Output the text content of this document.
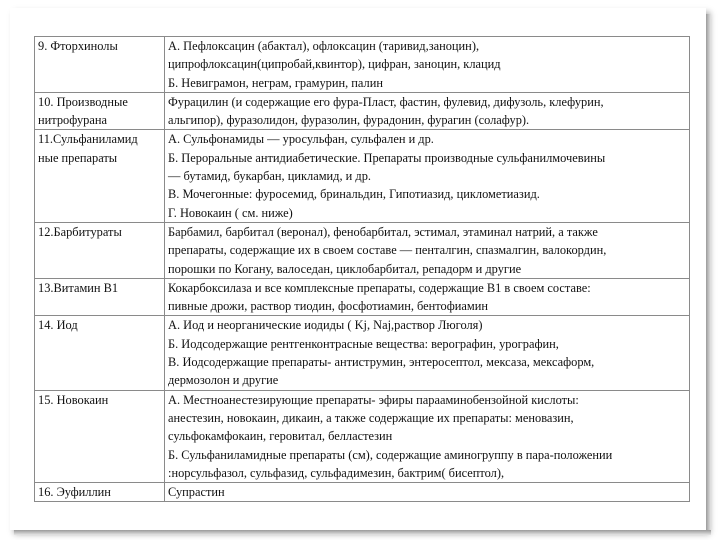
9. Фторхинолы	А. Пефлоксацин (абактал), офлоксацин (таривид,заноцин),
ципрофлоксацин(ципробай,квинтор), цифран, заноцин, клацид
Б. Невиграмон, неграм, грамурин, палин

10. Производные
нитрофурана	Фурацилин (и содержащие его фура-Пласт, фастин, фулевид, дифузоль, клефурин,
альгипор), фуразолидон, фуразолин, фурадонин, фурагин (солафур).

11.Сульфаниламид
ные препараты	А. Сульфонамиды — уросульфан, сульфален и др.
Б. Пероральные антидиабетические. Препараты производные сульфанилмочевины
— бутамид, букарбан, цикламид, и др.
В. Мочегонные: фуросемид, бринальдин, Гипотиазид, циклометиазид.
Г. Новокаин ( см. ниже)

12.Барбитураты	Барбамил, барбитал (веронал), фенобарбитал, эстимал, этаминал натрий, а также
препараты, содержащие их в своем составе — пенталгин, спазмалгин, валокордин,
порошки по Когану, валоседан, циклобарбитал, репадорм и другие

13.Витамин В1	Кокарбоксилаза и все комплексные препараты, содержащие В1 в своем составе:
пивные дрожи, раствор тиодин, фосфотиамин, бентофиамин

14. Иод	А. Иод и неорганические иодиды ( Kj, Naj,раствор Люголя)
Б. Иодсодержащие рентгенконтрасные вещества: верографин, урографин,
В. Иодсодержащие препараты- антиструмин, энтеросептол, мексаза, мексаформ,
дермозолон и другие

15. Новокаин	А. Местноанестезирующие препараты- эфиры парааминобензойной кислоты:
анестезин, новокаин, дикаин, а также содержащие их препараты: меновазин,
сульфокамфокаин, геровитал, белластезин
Б. Сульфаниламидные препараты (см), содержащие аминогруппу в пара-положении
:норсульфазол, сульфазид, сульфадимезин, бактрим( бисептол),

16. Эуфиллин	Супрастин
